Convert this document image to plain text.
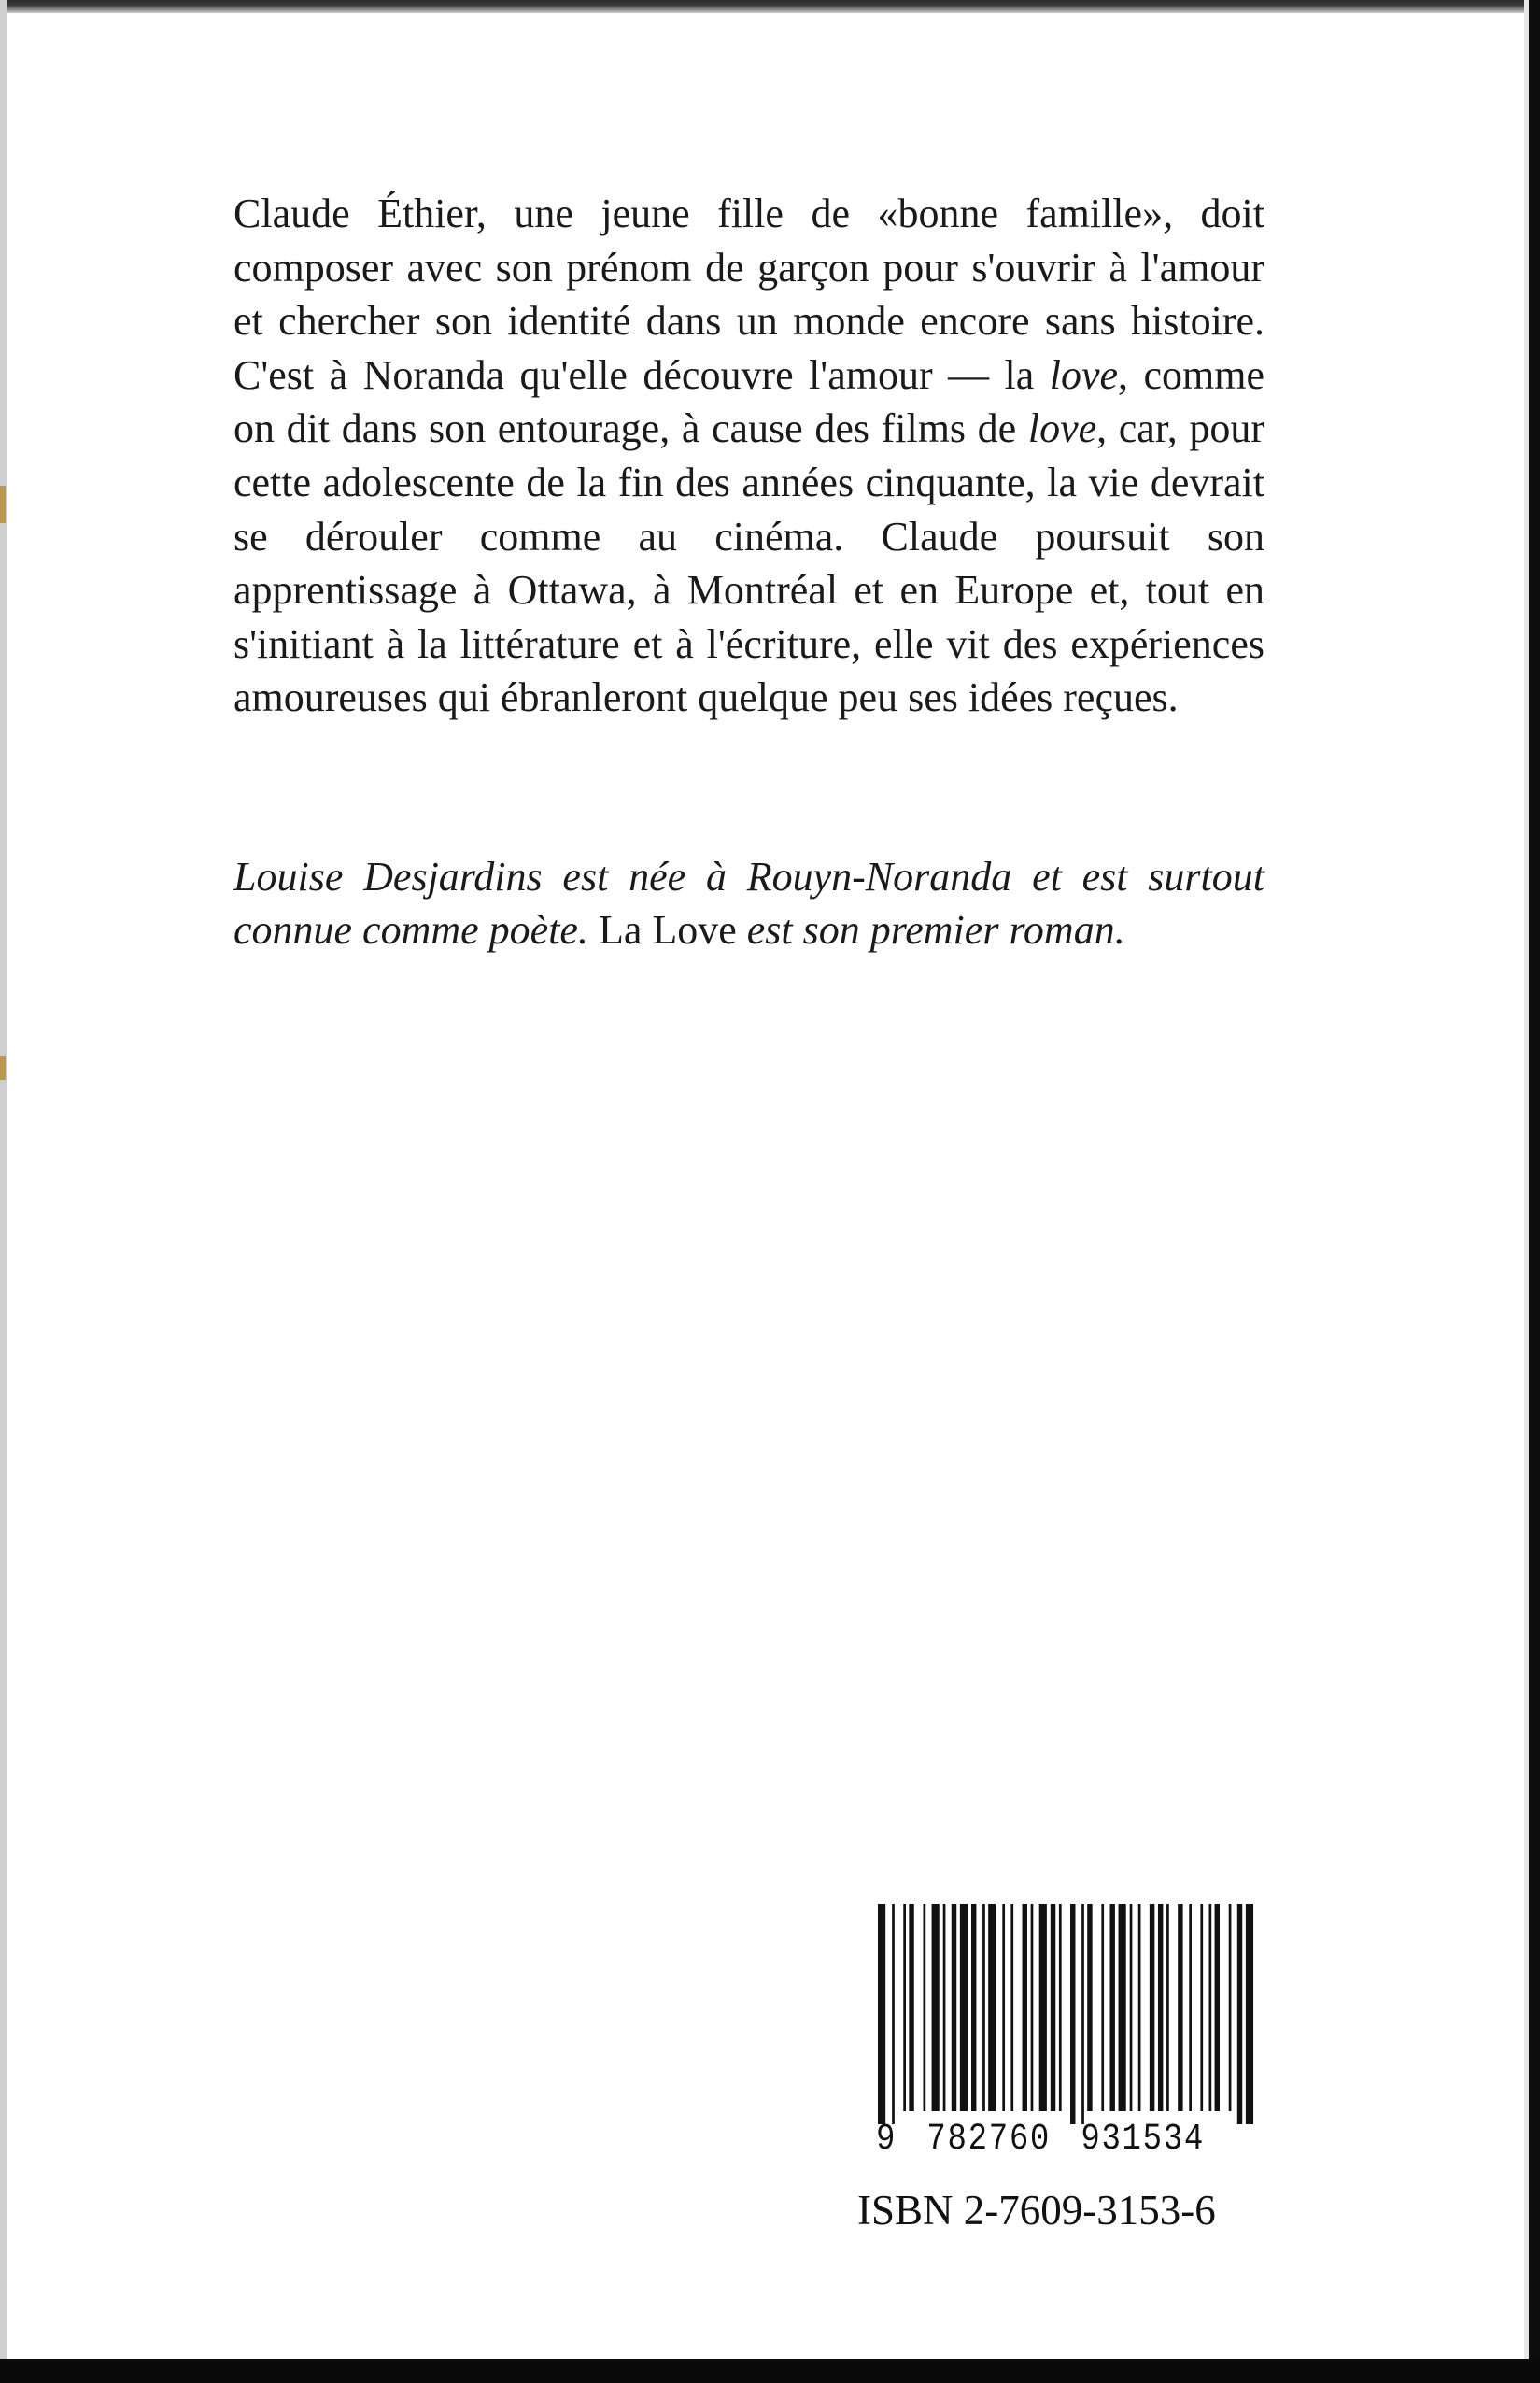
Claude Éthier, une jeune fille de «bonne famille», doit composer avec son prénom de garçon pour s'ouvrir à l'amour et chercher son identité dans un monde encore sans histoire. C'est à Noranda qu'elle découvre l'amour — la love, comme on dit dans son entourage, à cause des films de love, car, pour cette adolescente de la fin des années cinquante, la vie devrait se dérouler comme au cinéma. Claude poursuit son apprentissage à Ottawa, à Montréal et en Europe et, tout en s'initiant à la littérature et à l'écriture, elle vit des expériences amoureuses qui ébranleront quelque peu ses idées reçues.

Louise Desjardins est née à Rouyn-Noranda et est surtout connue comme poète. La Love est son premier roman.

9 782760 931534
ISBN 2-7609-3153-6
